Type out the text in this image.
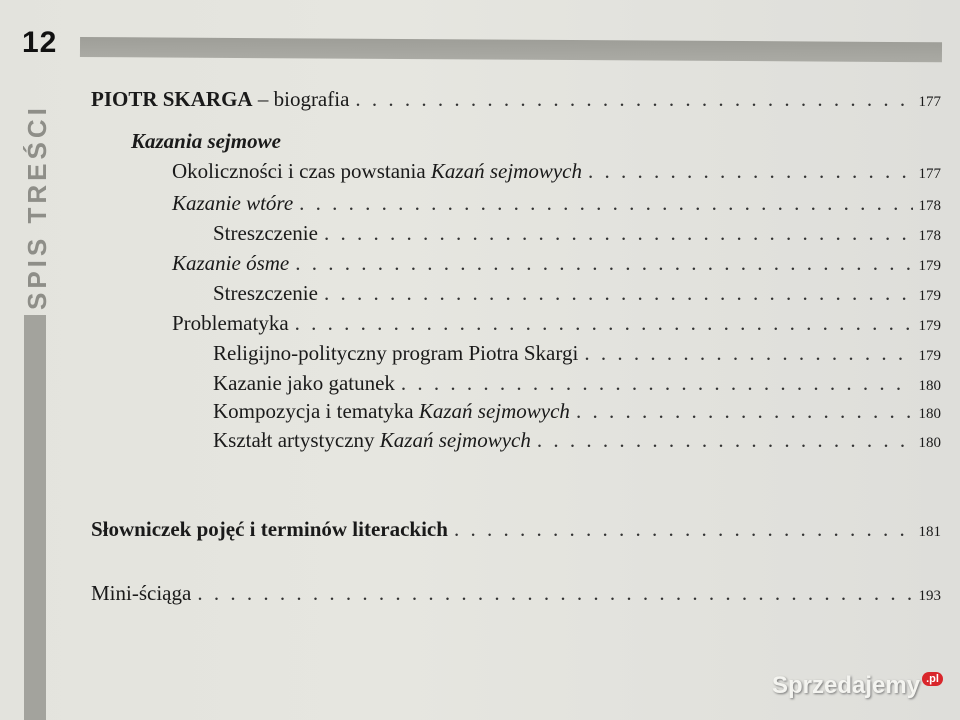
12
SPIS TREŚCI
PIOTR SKARGA – biografia . . .	177
Kazania sejmowe
Okoliczności i czas powstania Kazań sejmowych . . .	177
Kazanie wtóre . . .	178
Streszczenie . . .	178
Kazanie ósme . . .	179
Streszczenie . . .	179
Problematyka . . .	179
Religijno-polityczny program Piotra Skargi . . .	179
Kazanie jako gatunek . . .	180
Kompozycja i tematyka Kazań sejmowych . . .	180
Kształt artystyczny Kazań sejmowych . . .	180
Słowniczek pojęć i terminów literackich . . .	181
Mini-ściąga . . .	193
Sprzedajemy .pl
